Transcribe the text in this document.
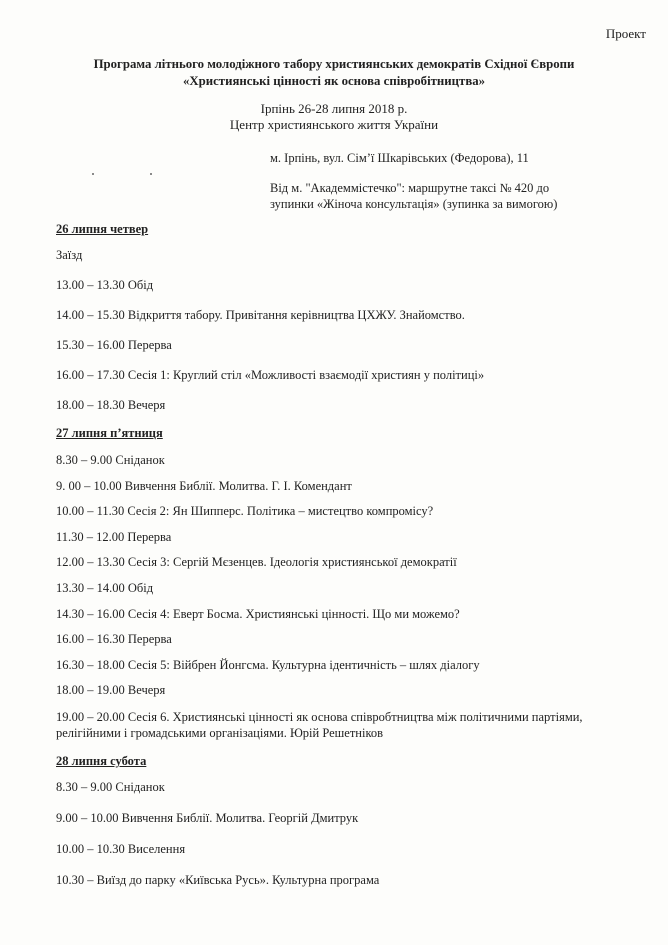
Проект
Програма літнього молодіжного табору християнських демократів Східної Європи
«Християнські цінності як основа співробітництва»
Ірпінь 26-28 липня 2018 р.
Центр християнського життя України
м. Ірпінь, вул. Сім’ї Шкарівських (Федорова), 11
Від м. "Академмістечко": маршрутне таксі № 420 до
зупинки «Жіноча консультація» (зупинка за вимогою)
26 липня четвер

Заїзд

13.00 – 13.30 Обід

14.00 – 15.30 Відкриття табору. Привітання керівництва ЦХЖУ. Знайомство.

15.30 – 16.00 Перерва

16.00 – 17.30 Сесія 1: Круглий стіл «Можливості взаємодії християн у політиці»

18.00 – 18.30 Вечеря

27 липня п’ятниця

8.30 – 9.00 Сніданок

9. 00 – 10.00 Вивчення Библії. Молитва. Г. І. Комендант

10.00 – 11.30 Сесія 2: Ян Шипперс. Політика – мистецтво компромісу?

11.30 – 12.00 Перерва

12.00 – 13.30 Сесія 3: Сергій Мєзенцев. Ідеологія християнської демократії

13.30 – 14.00 Обід

14.30 – 16.00 Сесія 4: Еверт Босма. Християнські цінності. Що ми можемо?

16.00 – 16.30 Перерва

16.30 – 18.00 Сесія 5: Війбрен Йонгсма. Культурна ідентичність – шлях діалогу

18.00 – 19.00 Вечеря

19.00 – 20.00 Сесія 6. Християнські цінності як основа співробтництва між політичними партіями, релігійними і громадськими організаціями. Юрій Решетніков

28 липня субота

8.30 – 9.00 Сніданок

9.00 – 10.00 Вивчення Библії. Молитва. Георгій Дмитрук

10.00 – 10.30 Виселення

10.30 – Виїзд до парку «Київська Русь». Культурна програма
